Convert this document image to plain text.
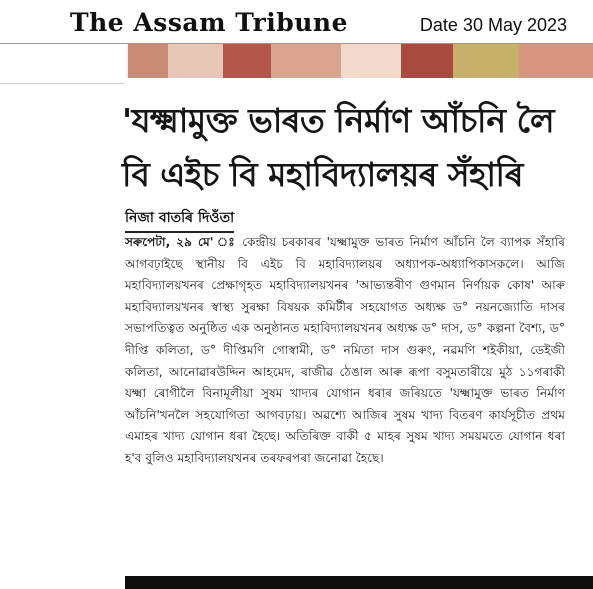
The Assam Tribune	Date 30 May 2023
'যক্ষ্মামুক্ত ভাৰত নিৰ্মাণ আঁচনি লৈ বি এইচ বি মহাবিদ্যালয়ৰ সঁহাৰি
নিজা বাতৰি দিওঁতা
সৰুপেটা, ২৯ মে' ঃ কেন্দ্ৰীয় চৰকাৰৰ 'যক্ষ্মামুক্ত ভাৰত নিৰ্মাণ আঁচনি লৈ ব্যাপক সঁহাৰি আগবঢ়াইছে স্থানীয় বি এইচ বি মহাবিদ্যালয়ৰ অধ্যাপক-অধ্যাপিকাসকলে। আজি মহাবিদ্যালয়খনৰ প্ৰেক্ষাগৃহত মহাবিদ্যালয়খনৰ 'আভ্যন্তৰীণ গুণমান নিৰ্ণায়ক কোষ' আৰু মহাবিদ্যালয়খনৰ স্বাস্থ্য সুৰক্ষা বিষয়ক কমিটীৰ সহযোগত অধ্যক্ষ ড° নয়নজ্যোতি দাসৰ সভাপতিত্বত অনুষ্ঠিত এক অনুষ্ঠানত মহাবিদ্যালয়খনৰ অধ্যক্ষ ড° দাস, ড° কল্পনা বৈশ্য, ড° দীপ্তি কলিতা, ড° দীপ্তিমণি গোস্বামী, ড° নমিতা দাস গুৰুং, নৱমণি শইকীয়া, ডেইজী কলিতা, আনোৱাৰউদ্দিন আহমেদ, ৰাজীৱ ঠেঙাল আৰু ৰূপা বসুমতাৰীয়ে মুঠ ১১গৰাকী যক্ষ্মা ৰোগীলৈ বিনামূলীয়া সুষম খাদ্যৰ যোগান ধৰাৰ জৰিয়তে 'যক্ষ্মামুক্ত ভাৰত নিৰ্মাণ আঁচনি'খনলৈ সহযোগিতা আগবঢ়ায়। অৱশ্যে আজিৰ সুষম খাদ্য বিতৰণ কাৰ্যসূচীত প্ৰথম এমাহৰ খাদ্য যোগান ধৰা হৈছে। অতিৰিক্ত বাকী ৫ মাহৰ সুষম খাদ্য সময়মতে যোগান ধৰা হ'ব বুলিও মহাবিদ্যালয়খনৰ তৰফৰপৰা জনোৱা হৈছে।
